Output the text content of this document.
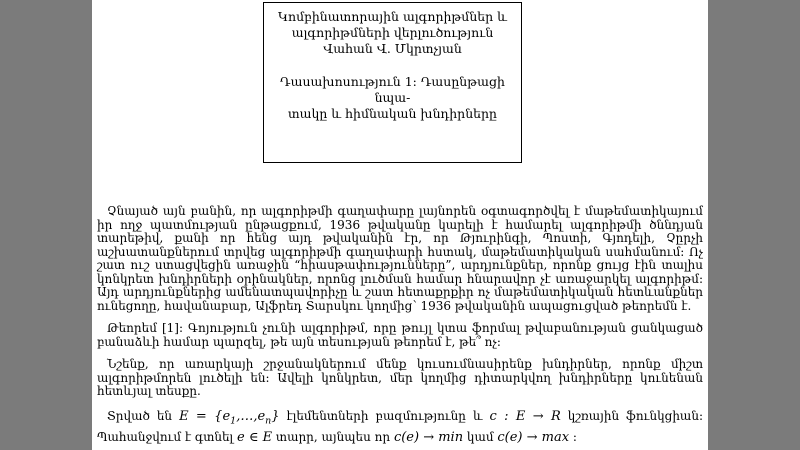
Կոմբինատորային ալգորիթմներ և
ալգորիթմների վերլուծություն
Վահան Վ. Մկրտչյան
Դասախոսություն 1: Դասընթացի նպա-
տակը և հիմնական խնդիրները

Չնայած այն բանին, որ ալգորիթմի գաղափարը լայնորեն օգտագործվել է մաթեմատիկայում իր ողջ պատմության ընթացքում, 1936 թվականը կարելի է համարել ալգորիթմի ծննդյան տարեթիվ, քանի որ հենց այդ թվականին էր, որ Թյուրինգի, Պոստի, Գյոդելի, Չըրչի աշխատանքներում տրվեց ալգորիթմի գաղափարի հստակ, մաթեմատիկական սահմանում: Ոչ շատ ուշ ստացվեցին առաջին “հիասթափությունները”, արդյունքներ, որոնք ցույց էին տալիս կոնկրետ խնդիրների օրինակներ, որոնց լուծման համար հնարավոր չէ առաջարկել ալգորիթմ: Այդ արդյունքներից ամենատպավորիչը և շատ հետաքրքիր ոչ մաթեմատիկական հետևանքներ ունեցողը, հավանաբար, Ալֆրեդ Տարսկու կողմից՝ 1936 թվականին ապացուցված թեորեմն է.

Թեորեմ [1]: Գոյություն չունի ալգորիթմ, որը թույլ կտա ֆորմալ թվաբանության ցանկացած բանաձևի համար պարզել, թե այն տեսության թեորեմ է, թե՞ ոչ:

Նշենք, որ առարկայի շրջանակներում մենք կուսումնասիրենք խնդիրներ, որոնք միշտ ալգորիթմորեն լուծելի են: Ավելի կոնկրետ, մեր կողմից դիտարկվող խնդիրները կունենան հետևյալ տեսքը.

Տրված են $E = \{e_1,\dots,e_n\}$ էլեմենտների բազմությունը և c : E → R կշռային ֆունկցիան: Պահանջվում է գտնել e ∈ E տարր, այնպես որ c(e) → min կամ c(e) → max :
